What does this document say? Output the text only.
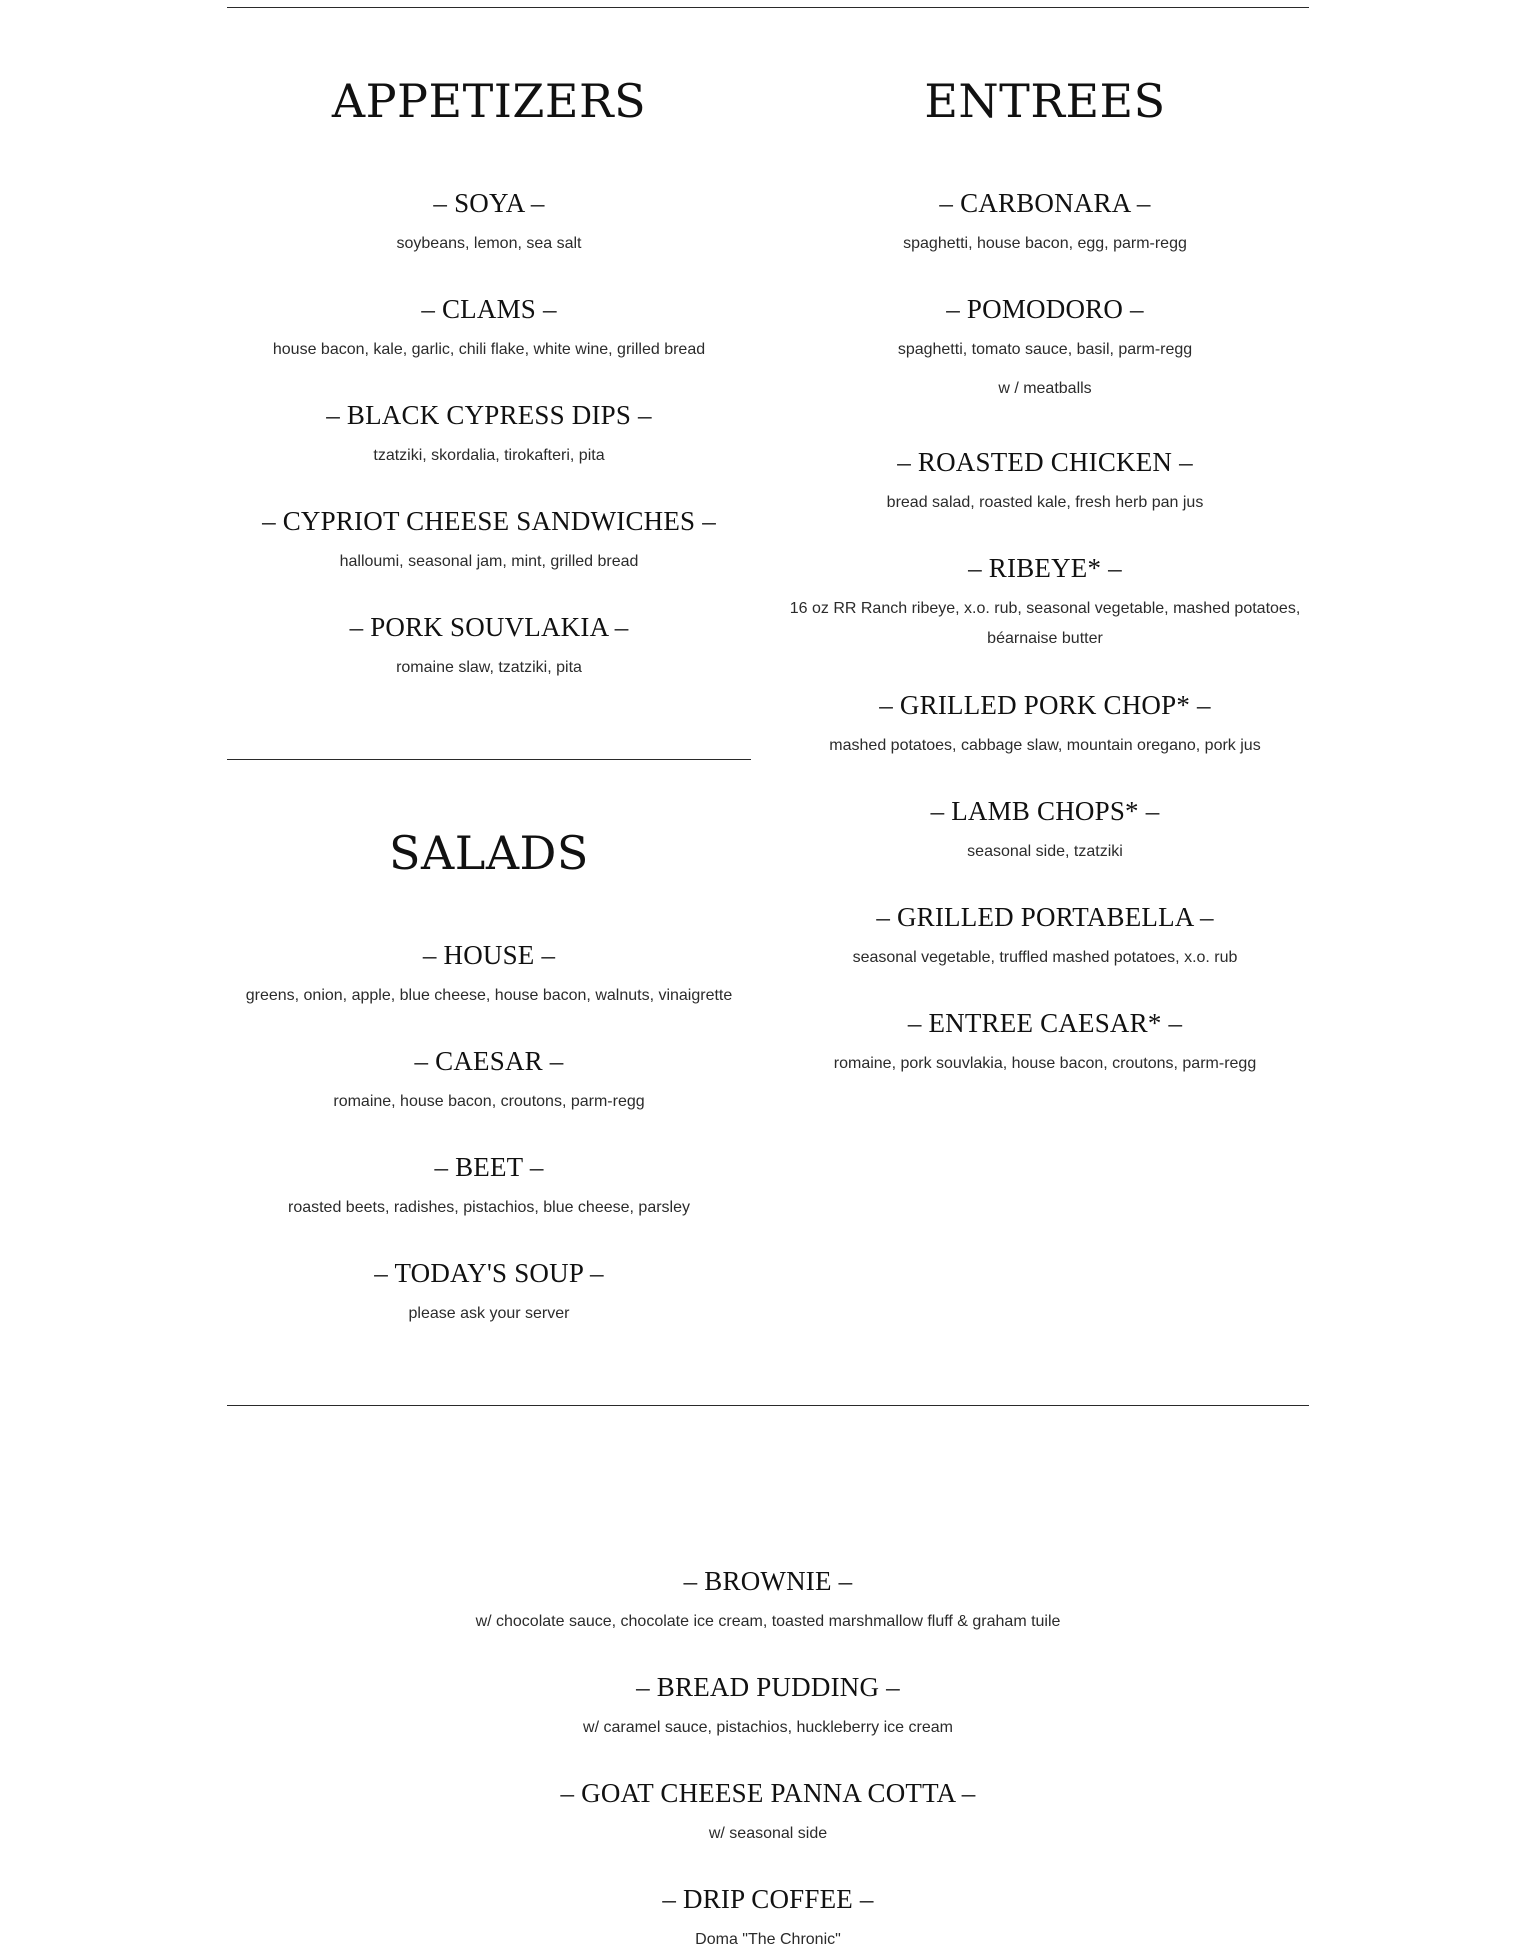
APPETIZERS
– SOYA –
soybeans, lemon, sea salt
– CLAMS –
house bacon, kale, garlic, chili flake, white wine, grilled bread
– BLACK CYPRESS DIPS –
tzatziki, skordalia, tirokafteri, pita
– CYPRIOT CHEESE SANDWICHES –
halloumi, seasonal jam, mint, grilled bread
– PORK SOUVLAKIA –
romaine slaw, tzatziki, pita
SALADS
– HOUSE –
greens, onion, apple, blue cheese, house bacon, walnuts, vinaigrette
– CAESAR –
romaine, house bacon, croutons, parm-regg
– BEET –
roasted beets, radishes, pistachios, blue cheese, parsley
– TODAY'S SOUP –
please ask your server
ENTREES
– CARBONARA –
spaghetti, house bacon, egg, parm-regg
– POMODORO –
spaghetti, tomato sauce, basil, parm-regg
w / meatballs
– ROASTED CHICKEN –
bread salad, roasted kale, fresh herb pan jus
– RIBEYE* –
16 oz RR Ranch ribeye, x.o. rub, seasonal vegetable, mashed potatoes, béarnaise butter
– GRILLED PORK CHOP* –
mashed potatoes, cabbage slaw, mountain oregano, pork jus
– LAMB CHOPS* –
seasonal side, tzatziki
– GRILLED PORTABELLA –
seasonal vegetable, truffled mashed potatoes, x.o. rub
– ENTREE CAESAR* –
romaine, pork souvlakia, house bacon, croutons, parm-regg
– BROWNIE –
w/ chocolate sauce, chocolate ice cream, toasted marshmallow fluff & graham tuile
– BREAD PUDDING –
w/ caramel sauce, pistachios, huckleberry ice cream
– GOAT CHEESE PANNA COTTA –
w/ seasonal side
– DRIP COFFEE –
Doma "The Chronic"
